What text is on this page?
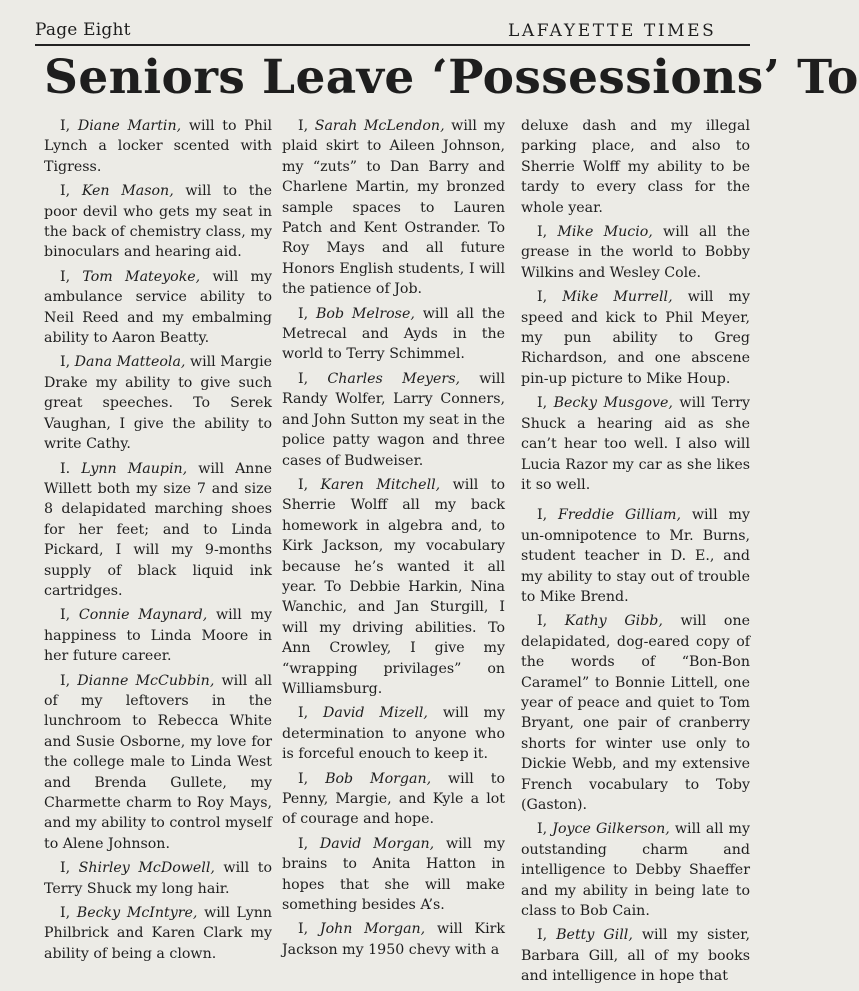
Page Eight	LAFAYETTE TIMES
Seniors Leave ‘Possessions’ To

I, Diane Martin, will to Phil Lynch a locker scented with Tigress.

I, Ken Mason, will to the poor devil who gets my seat in the back of chemistry class, my binoculars and hearing aid.

I, Tom Mateyoke, will my ambulance service ability to Neil Reed and my embalming ability to Aaron Beatty.

I, Dana Matteola, will Margie Drake my ability to give such great speeches. To Serek Vaughan, I give the ability to write Cathy.

I. Lynn Maupin, will Anne Willett both my size 7 and size 8 delapidated marching shoes for her feet; and to Linda Pickard, I will my 9-months supply of black liquid ink cartridges.

I, Connie Maynard, will my happiness to Linda Moore in her future career.

I, Dianne McCubbin, will all of my leftovers in the lunchroom to Rebecca White and Susie Osborne, my love for the college male to Linda West and Brenda Gullete, my Charmette charm to Roy Mays, and my ability to control myself to Alene Johnson.

I, Shirley McDowell, will to Terry Shuck my long hair.

I, Becky McIntyre, will Lynn Philbrick and Karen Clark my ability of being a clown.

I, Sarah McLendon, will my plaid skirt to Aileen Johnson, my “zuts” to Dan Barry and Charlene Martin, my bronzed sample spaces to Lauren Patch and Kent Ostrander. To Roy Mays and all future Honors English students, I will the patience of Job.

I, Bob Melrose, will all the Metrecal and Ayds in the world to Terry Schimmel.

I, Charles Meyers, will Randy Wolfer, Larry Conners, and John Sutton my seat in the police patty wagon and three cases of Budweiser.

I, Karen Mitchell, will to Sherrie Wolff all my back homework in algebra and, to Kirk Jackson, my vocabulary because he’s wanted it all year. To Debbie Harkin, Nina Wanchic, and Jan Sturgill, I will my driving abilities. To Ann Crowley, I give my “wrapping privilages” on Williamsburg.

I, David Mizell, will my determination to anyone who is forceful enouch to keep it.

I, Bob Morgan, will to Penny, Margie, and Kyle a lot of courage and hope.

I, David Morgan, will my brains to Anita Hatton in hopes that she will make something besides A’s.

I, John Morgan, will Kirk Jackson my 1950 chevy with a

deluxe dash and my illegal parking place, and also to Sherrie Wolff my ability to be tardy to every class for the whole year.

I, Mike Mucio, will all the grease in the world to Bobby Wilkins and Wesley Cole.

I, Mike Murrell, will my speed and kick to Phil Meyer, my pun ability to Greg Richardson, and one abscene pin-up picture to Mike Houp.

I, Becky Musgove, will Terry Shuck a hearing aid as she can’t hear too well. I also will Lucia Razor my car as she likes it so well.

I, Freddie Gilliam, will my un-omnipotence to Mr. Burns, student teacher in D. E., and my ability to stay out of trouble to Mike Brend.

I, Kathy Gibb, will one delapidated, dog-eared copy of the words of “Bon-Bon Caramel” to Bonnie Littell, one year of peace and quiet to Tom Bryant, one pair of cranberry shorts for winter use only to Dickie Webb, and my extensive French vocabulary to Toby (Gaston).

I, Joyce Gilkerson, will all my outstanding charm and intelligence to Debby Shaeffer and my ability in being late to class to Bob Cain.

I, Betty Gill, will my sister, Barbara Gill, all of my books and intelligence in hope that
